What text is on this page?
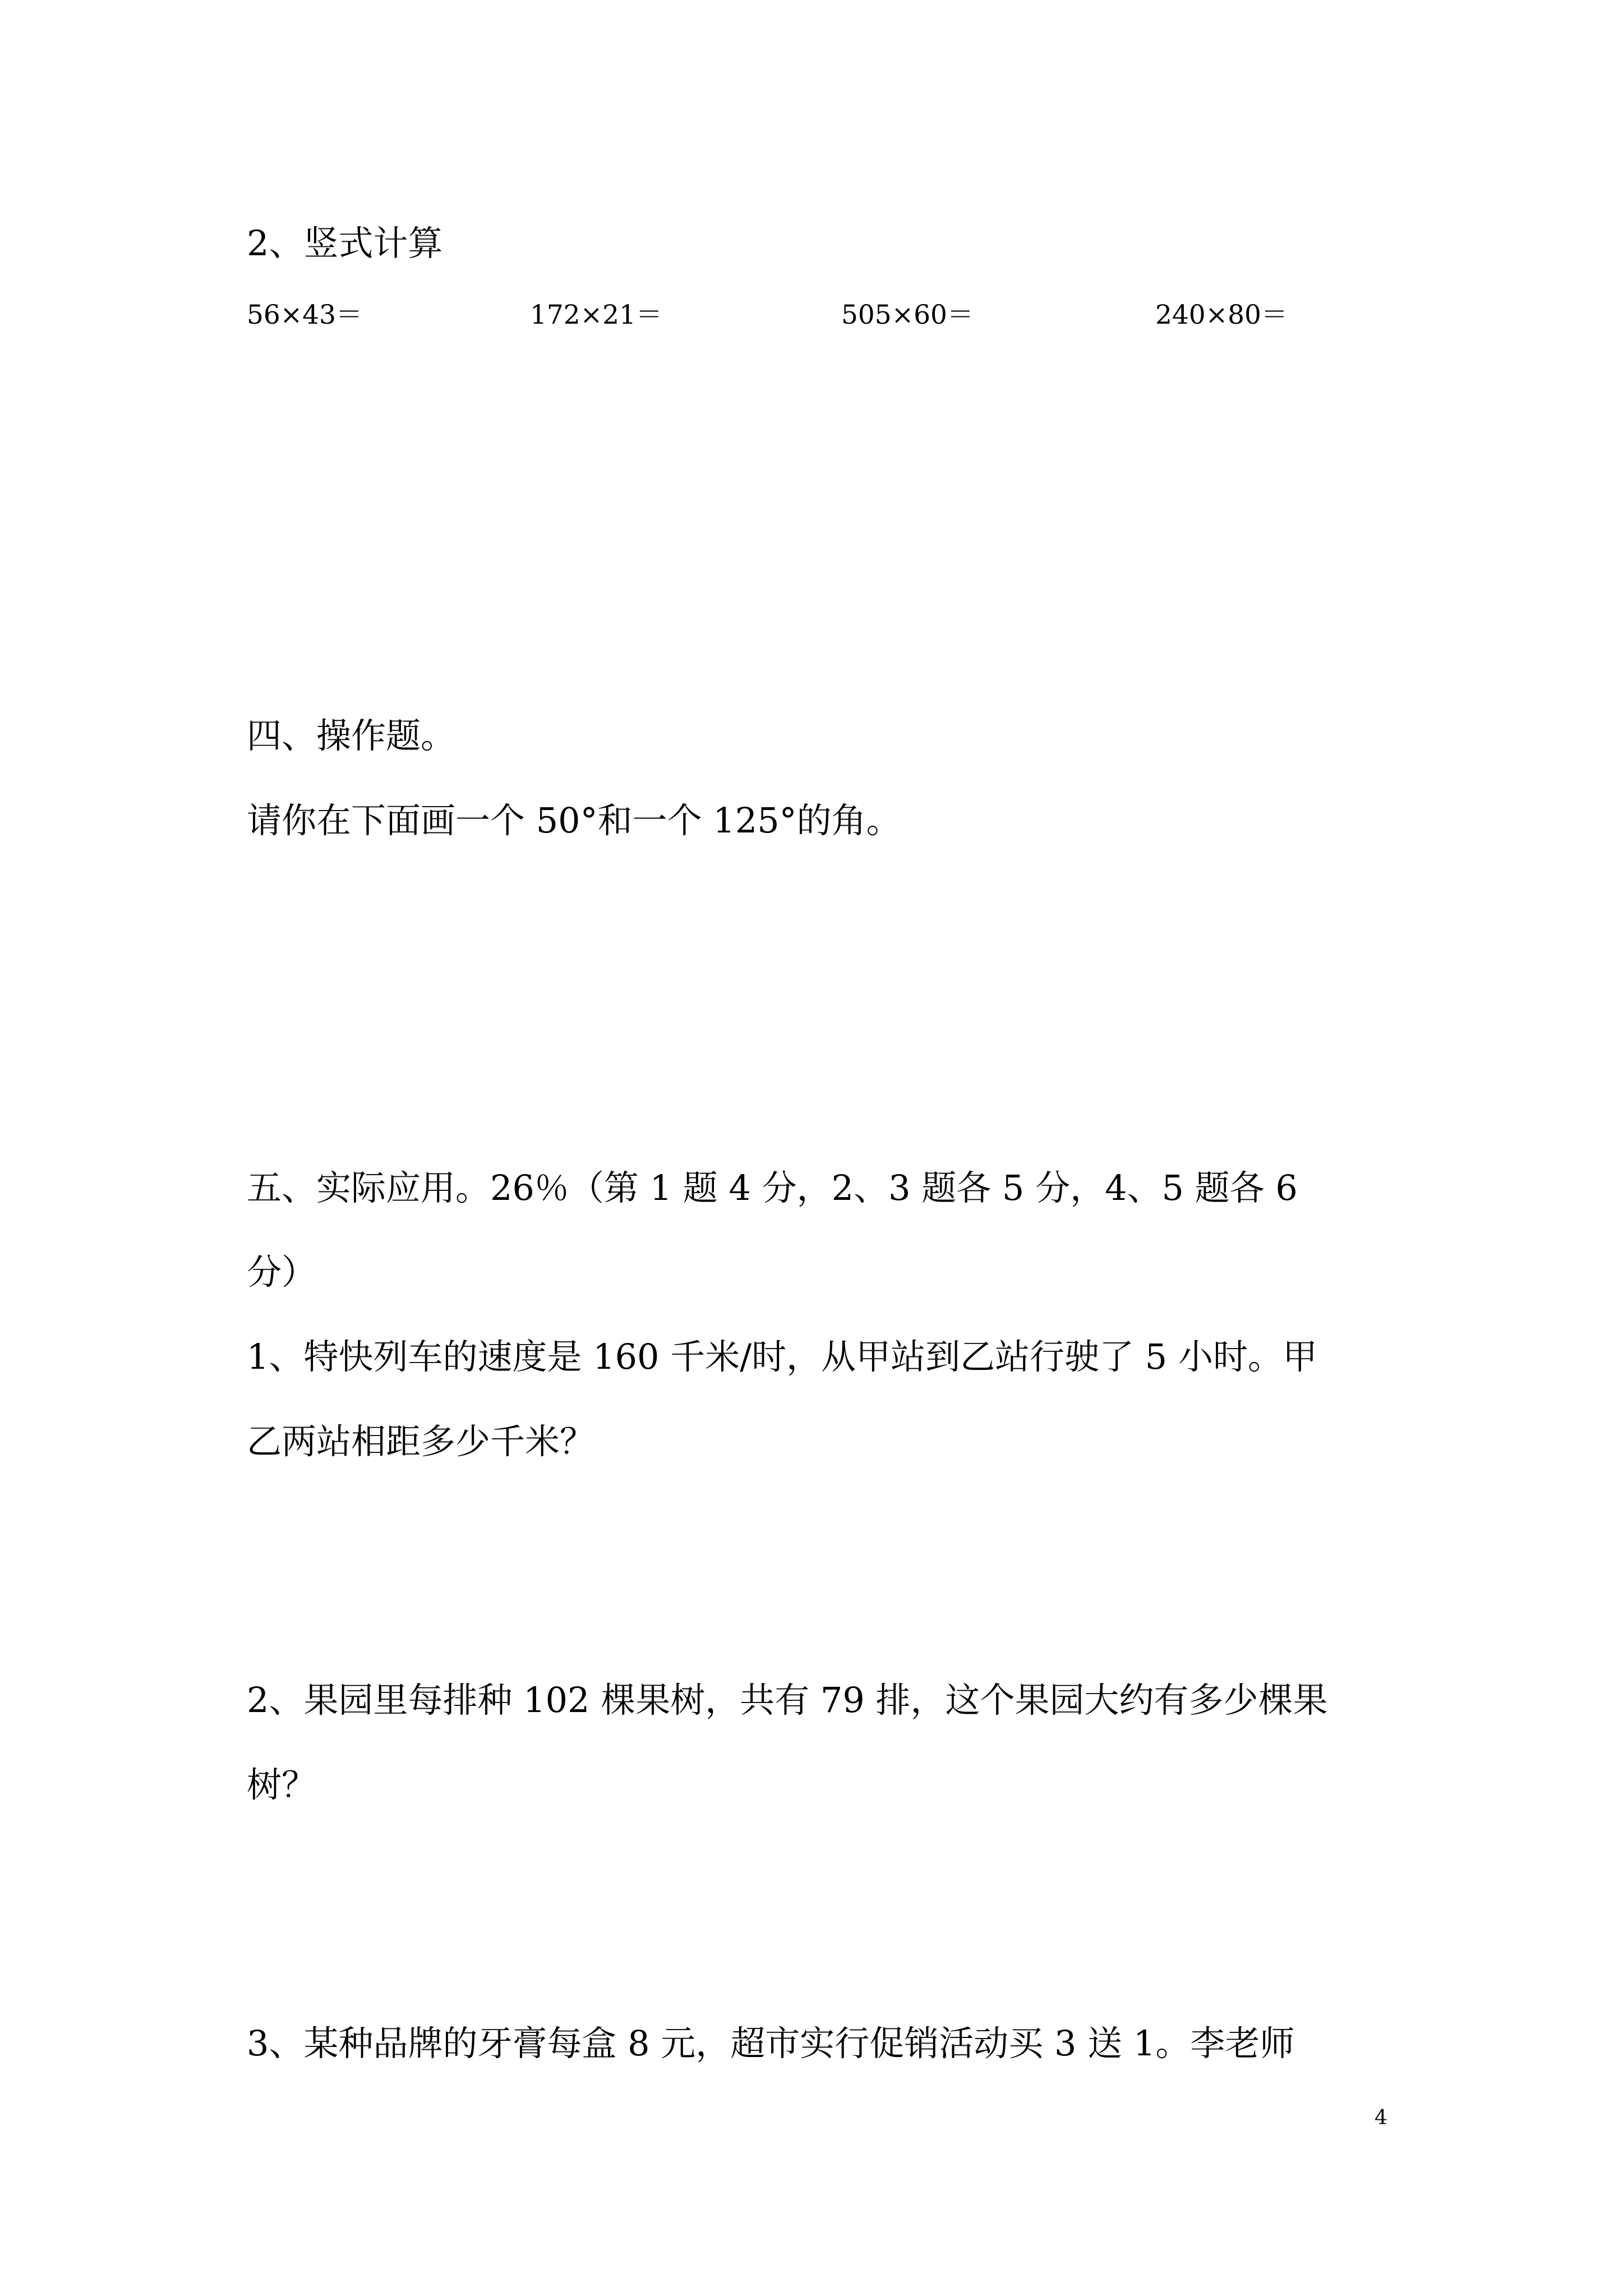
2、竖式计算
56×43＝	172×21＝	505×60＝	240×80＝
四、操作题。
请你在下面画一个 50°和一个 125°的角。
五、实际应用。26％（第 1 题 4 分，2、3 题各 5 分，4、5 题各 6
分）
1、特快列车的速度是 160 千米/时，从甲站到乙站行驶了 5 小时。甲
乙两站相距多少千米？
2、果园里每排种 102 棵果树，共有 79 排，这个果园大约有多少棵果
树？
3、某种品牌的牙膏每盒 8 元，超市实行促销活动买 3 送 1。李老师
4
